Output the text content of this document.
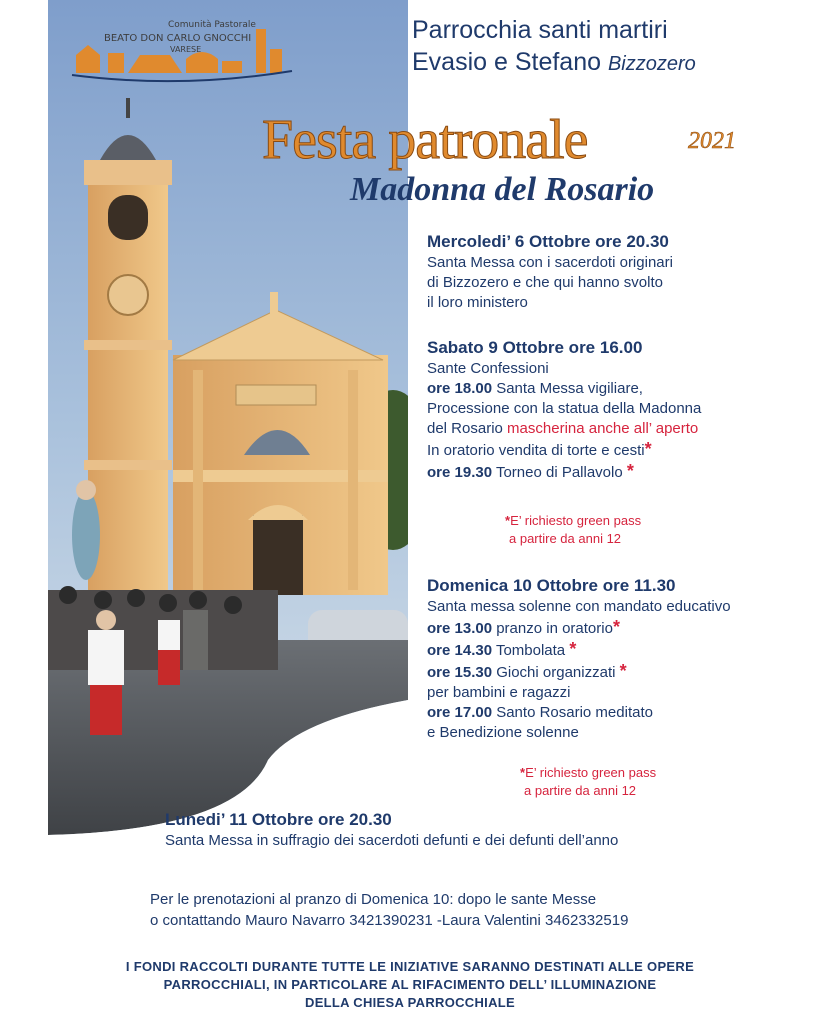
Comunità Pastorale
BEATO DON CARLO GNOCCHI
VARESE
Parrocchia santi martiri
Evasio e Stefano Bizzozero
Festa patronale	2021
Madonna del Rosario
Mercoledi’ 6 Ottobre ore 20.30
Santa Messa con i sacerdoti originari
di Bizzozero e che qui hanno svolto
il loro ministero
Sabato 9 Ottobre ore 16.00
Sante Confessioni
ore 18.00 Santa Messa vigiliare,
Processione con la statua della Madonna
del Rosario mascherina anche all’ aperto
In oratorio vendita di torte e cesti*
ore 19.30 Torneo di Pallavolo *
*E’ richiesto green pass
a partire da anni 12
Domenica 10 Ottobre ore 11.30
Santa messa solenne con mandato educativo
ore 13.00 pranzo in oratorio*
ore 14.30 Tombolata *
ore 15.30 Giochi organizzati *
per bambini e ragazzi
ore 17.00 Santo Rosario meditato
e Benedizione solenne
*E’ richiesto green pass
a partire da anni 12
Lunedi’ 11 Ottobre ore 20.30
Santa Messa in suffragio dei sacerdoti defunti e dei defunti dell’anno
Per le prenotazioni al pranzo di Domenica 10: dopo le sante Messe
o contattando Mauro Navarro 3421390231 -Laura Valentini 3462332519
I FONDI RACCOLTI DURANTE TUTTE LE INIZIATIVE SARANNO DESTINATI ALLE OPERE
PARROCCHIALI, IN PARTICOLARE AL RIFACIMENTO DELL’ ILLUMINAZIONE
DELLA CHIESA PARROCCHIALE
